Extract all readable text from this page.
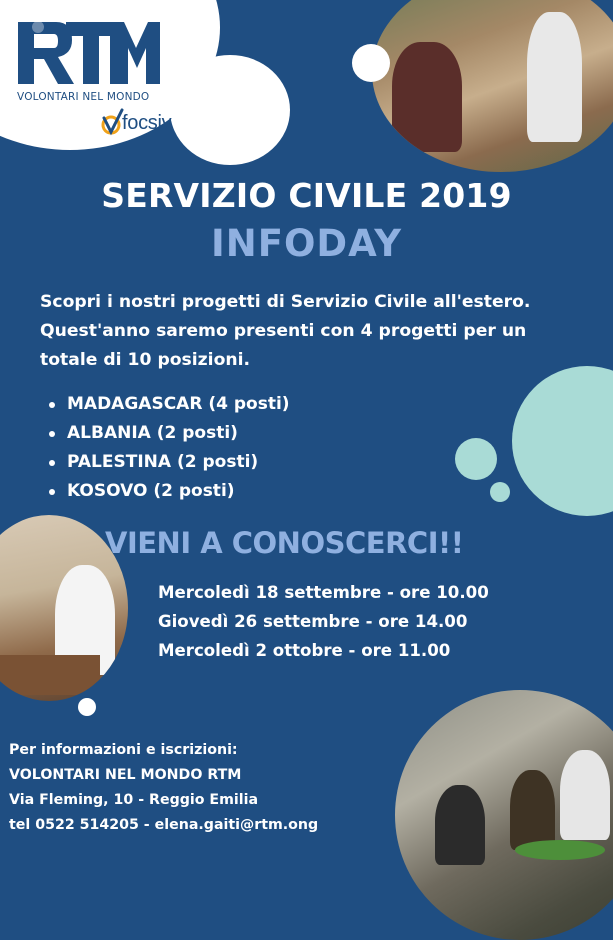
VOLONTARI NEL MONDO
focsiv
SERVIZIO CIVILE 2019
INFODAY
Scopri i nostri progetti di Servizio Civile all'estero.
Quest'anno saremo presenti con 4 progetti per un
totale di 10 posizioni.
MADAGASCAR (4 posti)
ALBANIA (2 posti)
PALESTINA (2 posti)
KOSOVO (2 posti)
VIENI A CONOSCERCI!!
Mercoledì 18 settembre - ore 10.00
Giovedì 26 settembre - ore 14.00
Mercoledì 2 ottobre - ore 11.00
Per informazioni e iscrizioni:
VOLONTARI NEL MONDO RTM
Via Fleming, 10 - Reggio Emilia
tel 0522 514205 - elena.gaiti@rtm.ong
